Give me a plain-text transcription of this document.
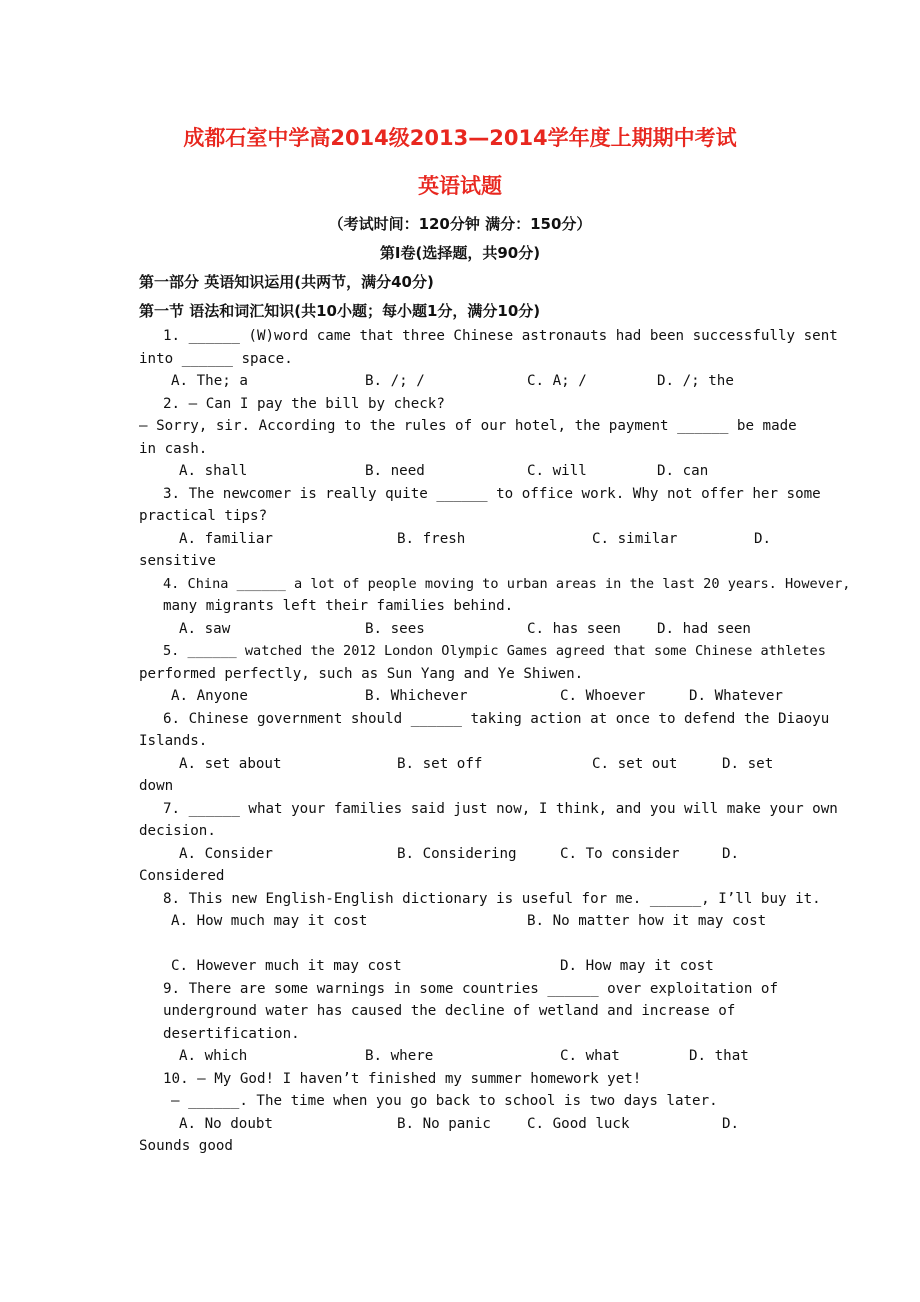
成都石室中学高2014级2013—2014学年度上期期中考试
英语试题
（考试时间：120分钟 满分：150分）
第Ⅰ卷(选择题，共90分)
第一部分 英语知识运用(共两节，满分40分)
第一节 语法和词汇知识(共10小题；每小题1分，满分10分)
1. ______ (W)word came that three Chinese astronauts had been successfully sent
into ______ space.
A. The; a	B. /; /	C. A; /	D. /; the
2. — Can I pay the bill by check?
— Sorry, sir. According to the rules of our hotel, the payment ______ be made
in cash.
A. shall	B. need	C. will	D. can
3. The newcomer is really quite ______ to office work. Why not offer her some
practical tips?
A. familiar	B. fresh	C. similar	D.
sensitive
4. China ______ a lot of people moving to urban areas in the last 20 years. However,
many migrants left their families behind.
A. saw	B. sees	C. has seen	D. had seen
5. ______ watched the 2012 London Olympic Games agreed that some Chinese athletes
performed perfectly, such as Sun Yang and Ye Shiwen.
A. Anyone	B. Whichever	C. Whoever	D. Whatever
6. Chinese government should ______ taking action at once to defend the Diaoyu
Islands.
A. set about	B. set off	C. set out	D. set
down
7. ______ what your families said just now, I think, and you will make your own
decision.
A. Consider	B. Considering	C. To consider	D.
Considered
8. This new English-English dictionary is useful for me. ______, I’ll buy it.
A. How much may it cost	B. No matter how it may cost
C. However much it may cost	D. How may it cost
9. There are some warnings in some countries ______ over exploitation of
underground water has caused the decline of wetland and increase of
desertification.
A. which	B. where	C. what	D. that
10. — My God! I haven’t finished my summer homework yet!
— ______. The time when you go back to school is two days later.
A. No doubt	B. No panic	C. Good luck	D.
Sounds good
